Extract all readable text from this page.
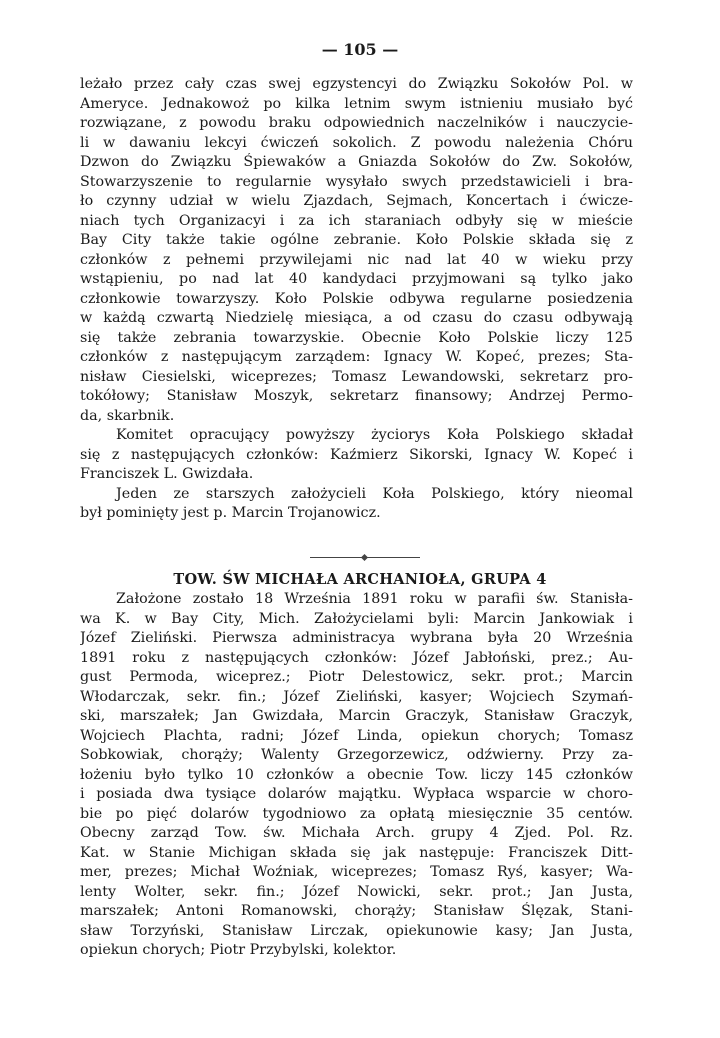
— 105 —
leżało przez cały czas swej egzystencyi do Związku Sokołów Pol. w
Ameryce. Jednakowoż po kilka letnim swym istnieniu musiało być
rozwiązane, z powodu braku odpowiednich naczelników i nauczycie-
li w dawaniu lekcyi ćwiczeń sokolich. Z powodu należenia Chóru
Dzwon do Związku Śpiewaków a Gniazda Sokołów do Zw. Sokołów,
Stowarzyszenie to regularnie wysyłało swych przedstawicieli i bra-
ło czynny udział w wielu Zjazdach, Sejmach, Koncertach i ćwicze-
niach tych Organizacyi i za ich staraniach odbyły się w mieście
Bay City także takie ogólne zebranie. Koło Polskie składa się z
członków z pełnemi przywilejami nic nad lat 40 w wieku przy
wstąpieniu, po nad lat 40 kandydaci przyjmowani są tylko jako
członkowie towarzyszy. Koło Polskie odbywa regularne posiedzenia
w każdą czwartą Niedzielę miesiąca, a od czasu do czasu odbywają
się także zebrania towarzyskie. Obecnie Koło Polskie liczy 125
członków z następującym zarządem: Ignacy W. Kopeć, prezes; Sta-
nisław Ciesielski, wiceprezes; Tomasz Lewandowski, sekretarz pro-
tokółowy; Stanisław Moszyk, sekretarz finansowy; Andrzej Permo-
da, skarbnik.
Komitet opracujący powyższy życiorys Koła Polskiego składał
się z następujących członków: Kaźmierz Sikorski, Ignacy W. Kopeć i
Franciszek L. Gwizdała.
Jeden ze starszych założycieli Koła Polskiego, który nieomal
był pominięty jest p. Marcin Trojanowicz.
TOW. ŚW MICHAŁA ARCHANIOŁA, GRUPA 4
Założone zostało 18 Września 1891 roku w parafii św. Stanisła-
wa K. w Bay City, Mich. Założycielami byli: Marcin Jankowiak i
Józef Zieliński. Pierwsza administracya wybrana była 20 Września
1891 roku z następujących członków: Józef Jabłoński, prez.; Au-
gust Permoda, wiceprez.; Piotr Delestowicz, sekr. prot.; Marcin
Włodarczak, sekr. fin.; Józef Zieliński, kasyer; Wojciech Szymań-
ski, marszałek; Jan Gwizdała, Marcin Graczyk, Stanisław Graczyk,
Wojciech Plachta, radni; Józef Linda, opiekun chorych; Tomasz
Sobkowiak, chorąży; Walenty Grzegorzewicz, odźwierny. Przy za-
łożeniu było tylko 10 członków a obecnie Tow. liczy 145 członków
i posiada dwa tysiące dolarów majątku. Wypłaca wsparcie w choro-
bie po pięć dolarów tygodniowo za opłatą miesięcznie 35 centów.
Obecny zarząd Tow. św. Michała Arch. grupy 4 Zjed. Pol. Rz.
Kat. w Stanie Michigan składa się jak następuje: Franciszek Ditt-
mer, prezes; Michał Woźniak, wiceprezes; Tomasz Ryś, kasyer; Wa-
lenty Wolter, sekr. fin.; Józef Nowicki, sekr. prot.; Jan Justa,
marszałek; Antoni Romanowski, chorąży; Stanisław Ślęzak, Stani-
sław Torzyński, Stanisław Lirczak, opiekunowie kasy; Jan Justa,
opiekun chorych; Piotr Przybylski, kolektor.
